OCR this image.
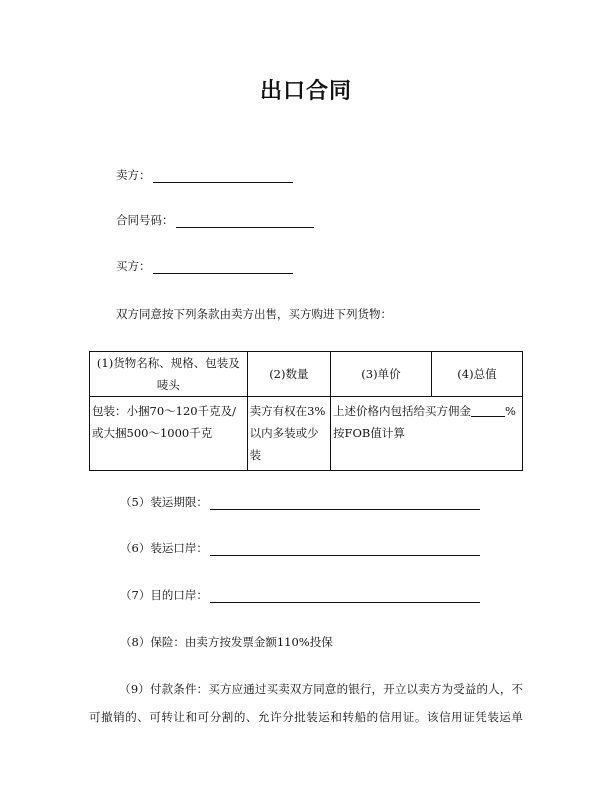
出口合同
卖方：
合同号码：
买方：
双方同意按下列条款由卖方出售，买方购进下列货物：
(1)货物名称、规格、包装及唛头	(2)数量	(3)单价	(4)总值
包装：小捆70～120千克及/或大捆500～1000千克	卖方有权在3%以内多装或少装	上述价格内包括给买方佣金 %按FOB值计算	
（5）装运期限：
（6）装运口岸：
（7）目的口岸：
（8）保险：由卖方按发票金额110%投保
（9）付款条件：买方应通过买卖双方同意的银行，开立以卖方为受益的人，不
可撤销的、可转让和可分割的、允许分批装运和转船的信用证。该信用证凭装运单
